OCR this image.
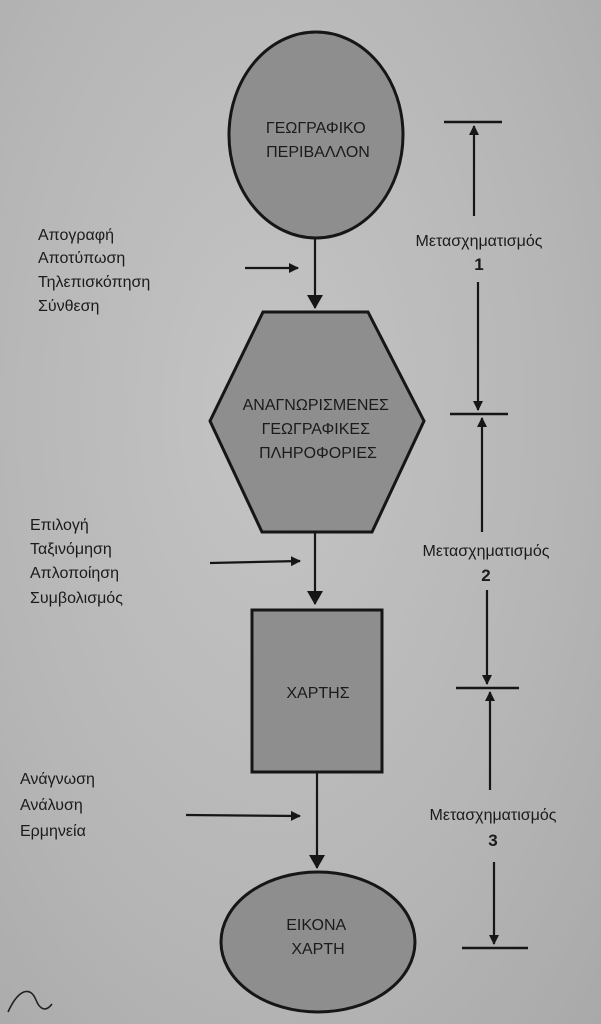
ΓΕΩΓΡΑΦΙΚΟ ΠΕΡΙΒΑΛΛΟΝ
ΑΝΑΓΝΩΡΙΣΜΕΝΕΣ ΓΕΩΓΡΑΦΙΚΕΣ ΠΛΗΡΟΦΟΡΙΕΣ
ΧΑΡΤΗΣ
ΕΙΚΟΝΑ ΧΑΡΤΗ
Απογραφή Αποτύπωση Τηλεπισκόπηση Σύνθεση
Επιλογή Ταξινόμηση Απλοποίηση Συμβολισμός
Ανάγνωση Ανάλυση Ερμηνεία
Μετασχηματισμός
1
Μετασχηματισμός
2
Μετασχηματισμός
3
